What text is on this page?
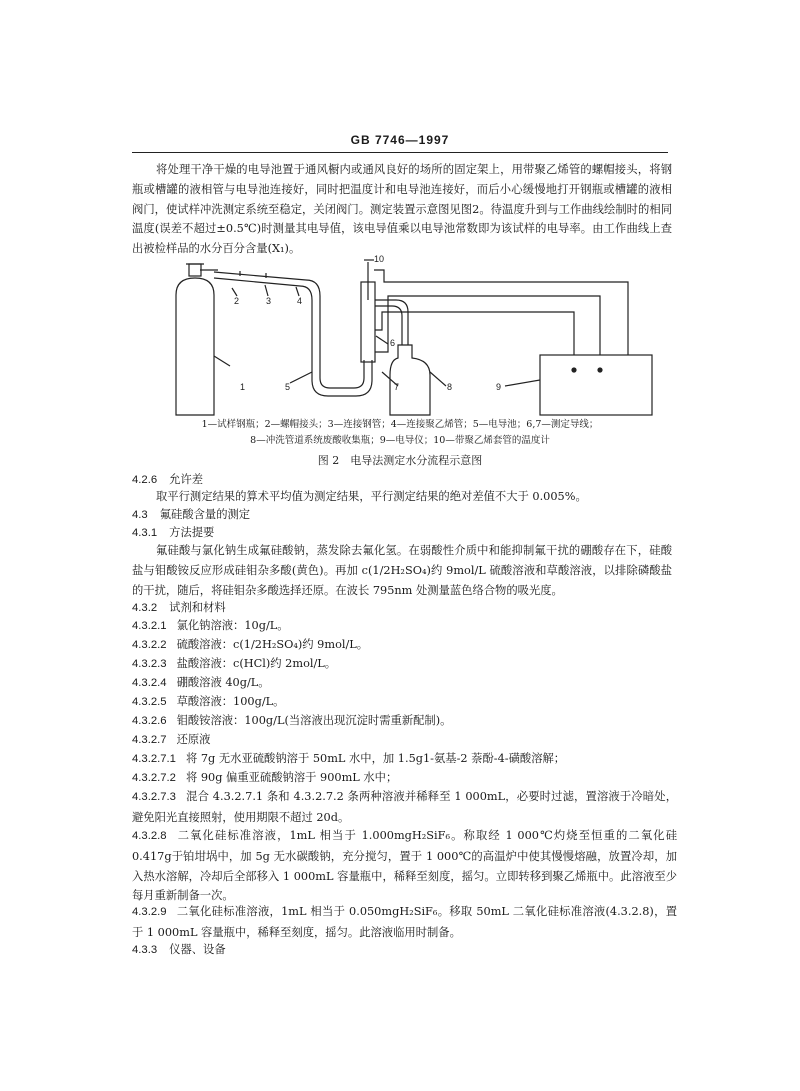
GB 7746—1997

将处理干净干燥的电导池置于通风橱内或通风良好的场所的固定架上，用带聚乙烯管的螺帽接头，将钢瓶或槽罐的液相管与电导池连接好，同时把温度计和电导池连接好，而后小心缓慢地打开钢瓶或槽罐的液相阀门，使试样冲洗测定系统至稳定，关闭阀门。测定装置示意图见图2。待温度升到与工作曲线绘制时的相同温度(误差不超过±0.5℃)时测量其电导值，该电导值乘以电导池常数即为该试样的电导率。由工作曲线上查出被检样品的水分百分含量(X₁)。

2	3	4
1	5
6
7	8	9
10
1—试样钢瓶；2—螺帽接头；3—连接钢管；4—连接聚乙烯管；5—电导池；6,7—测定导线；
8—冲洗管道系统废酸收集瓶；9—电导仪；10—带聚乙烯套管的温度计
图 2　电导法测定水分流程示意图
4.2.6 允许差

取平行测定结果的算术平均值为测定结果，平行测定结果的绝对差值不大于 0.005%。

4.3 氟硅酸含量的测定
4.3.1 方法提要

氟硅酸与氯化钠生成氟硅酸钠，蒸发除去氟化氢。在弱酸性介质中和能抑制氟干扰的硼酸存在下，硅酸盐与钼酸铵反应形成硅钼杂多酸(黄色)。再加 c(1/2H₂SO₄)约 9mol/L 硫酸溶液和草酸溶液，以排除磷酸盐的干扰，随后，将硅钼杂多酸选择还原。在波长 795nm 处测量蓝色络合物的吸光度。

4.3.2 试剂和材料
4.3.2.1 氯化钠溶液：10g/L。
4.3.2.2 硫酸溶液：c(1/2H₂SO₄)约 9mol/L。
4.3.2.3 盐酸溶液：c(HCl)约 2mol/L。
4.3.2.4 硼酸溶液 40g/L。
4.3.2.5 草酸溶液：100g/L。
4.3.2.6 钼酸铵溶液：100g/L(当溶液出现沉淀时需重新配制)。
4.3.2.7 还原液
4.3.2.7.1 将 7g 无水亚硫酸钠溶于 50mL 水中，加 1.5g1-氨基-2 萘酚-4-磺酸溶解；
4.3.2.7.2 将 90g 偏重亚硫酸钠溶于 900mL 水中；
4.3.2.7.3 混合 4.3.2.7.1 条和 4.3.2.7.2 条两种溶液并稀释至 1 000mL，必要时过滤，置溶液于冷暗处，避免阳光直接照射，使用期限不超过 20d。
4.3.2.8 二氧化硅标准溶液，1mL 相当于 1.000mgH₂SiF₆。称取经 1 000℃灼烧至恒重的二氧化硅 0.417g于铂坩埚中，加 5g 无水碳酸钠，充分搅匀，置于 1 000℃的高温炉中使其慢慢熔融，放置冷却，加入热水溶解，冷却后全部移入 1 000mL 容量瓶中，稀释至刻度，摇匀。立即转移到聚乙烯瓶中。此溶液至少每月重新制备一次。
4.3.2.9 二氧化硅标准溶液，1mL 相当于 0.050mgH₂SiF₆。移取 50mL 二氧化硅标准溶液(4.3.2.8)，置于 1 000mL 容量瓶中，稀释至刻度，摇匀。此溶液临用时制备。
4.3.3 仪器、设备
